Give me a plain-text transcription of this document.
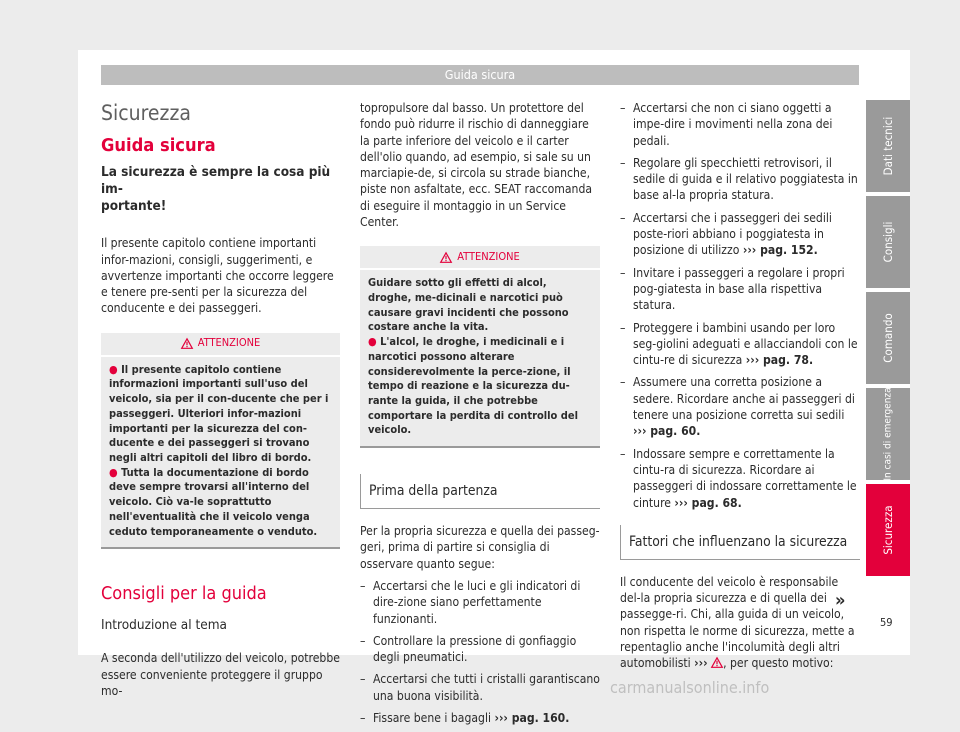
Guida sicura
Sicurezza
Guida sicura
La sicurezza è sempre la cosa più im-
portante!

Il presente capitolo contiene importanti infor-mazioni, consigli, suggerimenti, e avvertenze importanti che occorre leggere e tenere pre-senti per la sicurezza del conducente e dei passeggeri.

ATTENZIONE
● Il presente capitolo contiene informazioni importanti sull'uso del veicolo, sia per il con-ducente che per i passeggeri. Ulteriori infor-mazioni importanti per la sicurezza del con-ducente e dei passeggeri si trovano negli altri capitoli del libro di bordo.
● Tutta la documentazione di bordo deve sempre trovarsi all'interno del veicolo. Ciò va-le soprattutto nell'eventualità che il veicolo venga ceduto temporaneamente o venduto.
Consigli per la guida
Introduzione al tema

A seconda dell'utilizzo del veicolo, potrebbe essere conveniente proteggere il gruppo mo-

topropulsore dal basso. Un protettore del fondo può ridurre il rischio di danneggiare la parte inferiore del veicolo e il carter dell'olio quando, ad esempio, si sale su un marciapie-de, si circola su strade bianche, piste non asfaltate, ecc. SEAT raccomanda di eseguire il montaggio in un Service Center.

ATTENZIONE
Guidare sotto gli effetti di alcol, droghe, me-dicinali e narcotici può causare gravi incidenti che possono costare anche la vita.
● L'alcol, le droghe, i medicinali e i narcotici possono alterare considerevolmente la perce-zione, il tempo di reazione e la sicurezza du-rante la guida, il che potrebbe comportare la perdita di controllo del veicolo.
Prima della partenza

Per la propria sicurezza e quella dei passeg-geri, prima di partire si consiglia di osservare quanto segue:

– Accertarsi che le luci e gli indicatori di dire-zione siano perfettamente funzionanti.
– Controllare la pressione di gonfiaggio degli pneumatici.
– Accertarsi che tutti i cristalli garantiscano una buona visibilità.
– Fissare bene i bagagli ››› pag. 160.
– Accertarsi che non ci siano oggetti a impe-dire i movimenti nella zona dei pedali.
– Regolare gli specchietti retrovisori, il sedile di guida e il relativo poggiatesta in base al-la propria statura.
– Accertarsi che i passeggeri dei sedili poste-riori abbiano i poggiatesta in posizione di utilizzo ››› pag. 152.
– Invitare i passeggeri a regolare i propri pog-giatesta in base alla rispettiva statura.
– Proteggere i bambini usando per loro seg-giolini adeguati e allacciandoli con le cintu-re di sicurezza ››› pag. 78.
– Assumere una corretta posizione a sedere. Ricordare anche ai passeggeri di tenere una posizione corretta sui sedili ››› pag. 60.
– Indossare sempre e correttamente la cintu-ra di sicurezza. Ricordare ai passeggeri di indossare correttamente le cinture ››› pag. 68.
Fattori che influenzano la sicurezza

Il conducente del veicolo è responsabile del-la propria sicurezza e di quella dei passegge-ri. Chi, alla guida di un veicolo, non rispetta le norme di sicurezza, mette a repentaglio anche l'incolumità degli altri automobilisti ››› , per questo motivo:

»
Dati tecnici
Consigli
Comando
In casi di emergenza
Sicurezza
59
carmanualsonline.info
